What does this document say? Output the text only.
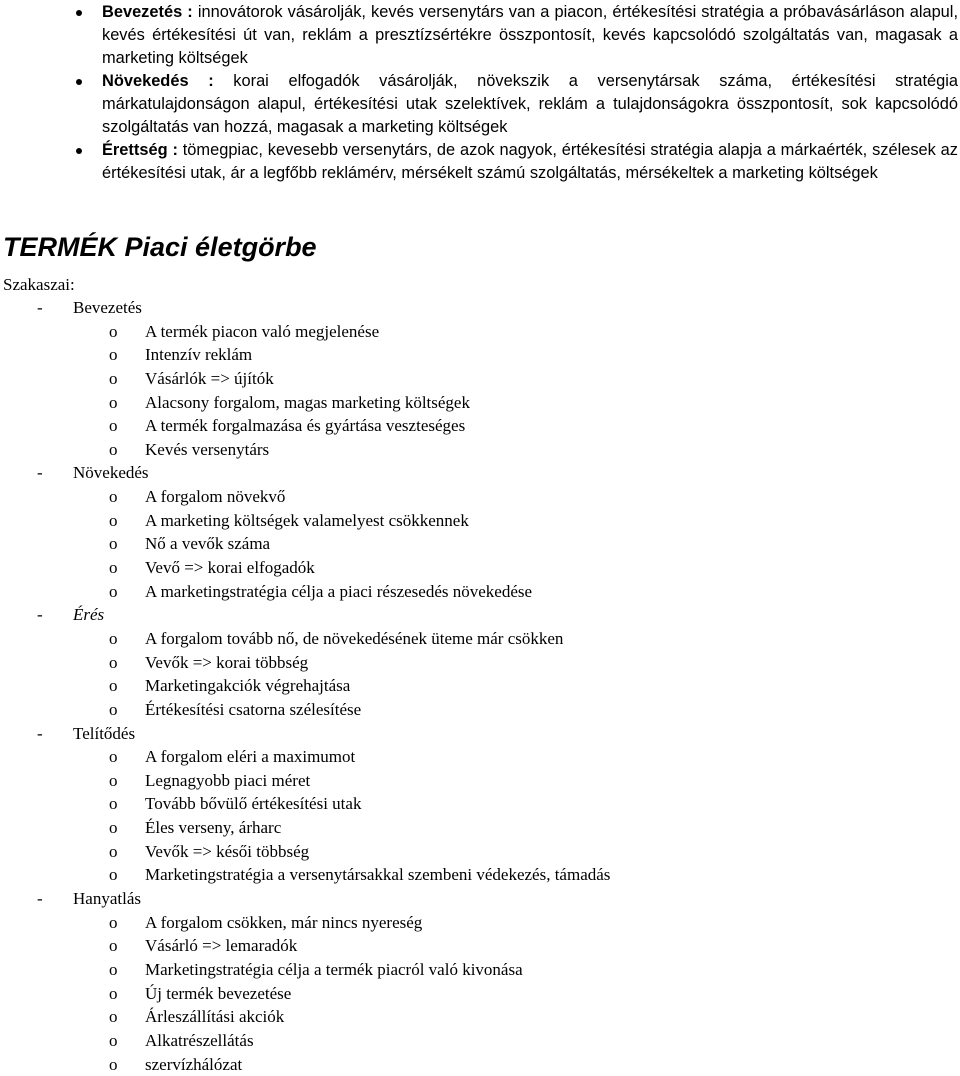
Bevezetés : innovátorok vásárolják, kevés versenytárs van a piacon, értékesítési stratégia a próbavásárláson alapul, kevés értékesítési út van, reklám a presztízsértékre összpontosít, kevés kapcsolódó szolgáltatás van, magasak a marketing költségek
Növekedés : korai elfogadók vásárolják, növekszik a versenytársak száma, értékesítési stratégia márkatulajdonságon alapul, értékesítési utak szelektívek, reklám a tulajdonságokra összpontosít, sok kapcsolódó szolgáltatás van hozzá, magasak a marketing költségek
Érettség : tömegpiac, kevesebb versenytárs, de azok nagyok, értékesítési stratégia alapja a márkaérték, szélesek az értékesítési utak, ár a legfőbb reklámérv, mérsékelt számú szolgáltatás, mérsékeltek a marketing költségek
TERMÉK Piaci életgörbe
Szakaszai:
- Bevezetés
o A termék piacon való megjelenése
o Intenzív reklám
o Vásárlók => újítók
o Alacsony forgalom, magas marketing költségek
o A termék forgalmazása és gyártása veszteséges
o Kevés versenytárs
- Növekedés
o A forgalom növekvő
o A marketing költségek valamelyest csökkennek
o Nő a vevők száma
o Vevő => korai elfogadók
o A marketingstratégia célja a piaci részesedés növekedése
- Érés
o A forgalom tovább nő, de növekedésének üteme már csökken
o Vevők => korai többség
o Marketingakciók végrehajtása
o Értékesítési csatorna szélesítése
- Telítődés
o A forgalom eléri a maximumot
o Legnagyobb piaci méret
o Tovább bővülő értékesítési utak
o Éles verseny, árharc
o Vevők => késői többség
o Marketingstratégia a versenytársakkal szembeni védekezés, támadás
- Hanyatlás
o A forgalom csökken, már nincs nyereség
o Vásárló => lemaradók
o Marketingstratégia célja a termék piacról való kivonása
o Új termék bevezetése
o Árleszállítási akciók
o Alkatrészellátás
o szervízhálózat
